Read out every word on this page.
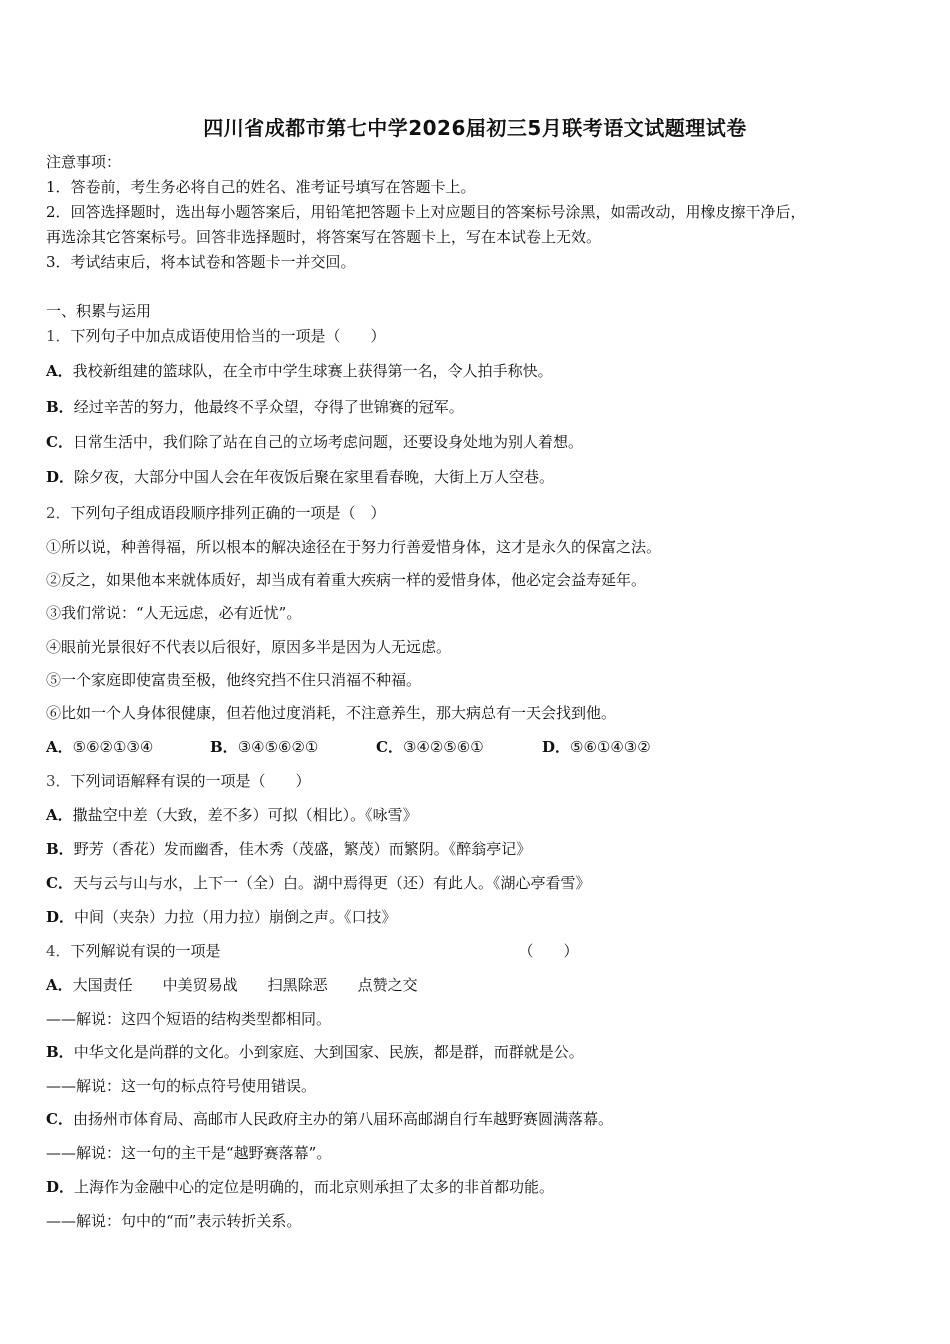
四川省成都市第七中学2026届初三5月联考语文试题理试卷
注意事项：
1．答卷前，考生务必将自己的姓名、准考证号填写在答题卡上。
2．回答选择题时，选出每小题答案后，用铅笔把答题卡上对应题目的答案标号涂黑，如需改动，用橡皮擦干净后，
再选涂其它答案标号。回答非选择题时，将答案写在答题卡上，写在本试卷上无效。
3．考试结束后，将本试卷和答题卡一并交回。
一、积累与运用
1．下列句子中加点成语使用恰当的一项是（　　）
A．我校新组建的篮球队，在全市中学生球赛上获得第一名，令人拍手称快。
B．经过辛苦的努力，他最终不孚众望，夺得了世锦赛的冠军。
C．日常生活中，我们除了站在自己的立场考虑问题，还要设身处地为别人着想。
D．除夕夜，大部分中国人会在年夜饭后聚在家里看春晚，大街上万人空巷。
2．下列句子组成语段顺序排列正确的一项是（　）
①所以说，种善得福，所以根本的解决途径在于努力行善爱惜身体，这才是永久的保富之法。
②反之，如果他本来就体质好，却当成有着重大疾病一样的爱惜身体，他必定会益寿延年。
③我们常说：“人无远虑，必有近忧”。
④眼前光景很好不代表以后很好，原因多半是因为人无远虑。
⑤一个家庭即使富贵至极，他终究挡不住只消福不种福。
⑥比如一个人身体很健康，但若他过度消耗，不注意养生，那大病总有一天会找到他。
A．⑤⑥②①③④	B．③④⑤⑥②①	C．③④②⑤⑥①	D．⑤⑥①④③②
3．下列词语解释有误的一项是（　　）
A．撒盐空中差（大致，差不多）可拟（相比）。《咏雪》
B．野芳（香花）发而幽香，佳木秀（茂盛，繁茂）而繁阴。《醉翁亭记》
C．天与云与山与水，上下一（全）白。湖中焉得更（还）有此人。《湖心亭看雪》
D．中间（夹杂）力拉（用力拉）崩倒之声。《口技》
4．下列解说有误的一项是	（　　）
A．大国责任　　中美贸易战　　扫黑除恶　　点赞之交
——解说：这四个短语的结构类型都相同。
B．中华文化是尚群的文化。小到家庭、大到国家、民族，都是群，而群就是公。
——解说：这一句的标点符号使用错误。
C．由扬州市体育局、高邮市人民政府主办的第八届环高邮湖自行车越野赛圆满落幕。
——解说：这一句的主干是“越野赛落幕”。
D．上海作为金融中心的定位是明确的，而北京则承担了太多的非首都功能。
——解说：句中的“而”表示转折关系。
